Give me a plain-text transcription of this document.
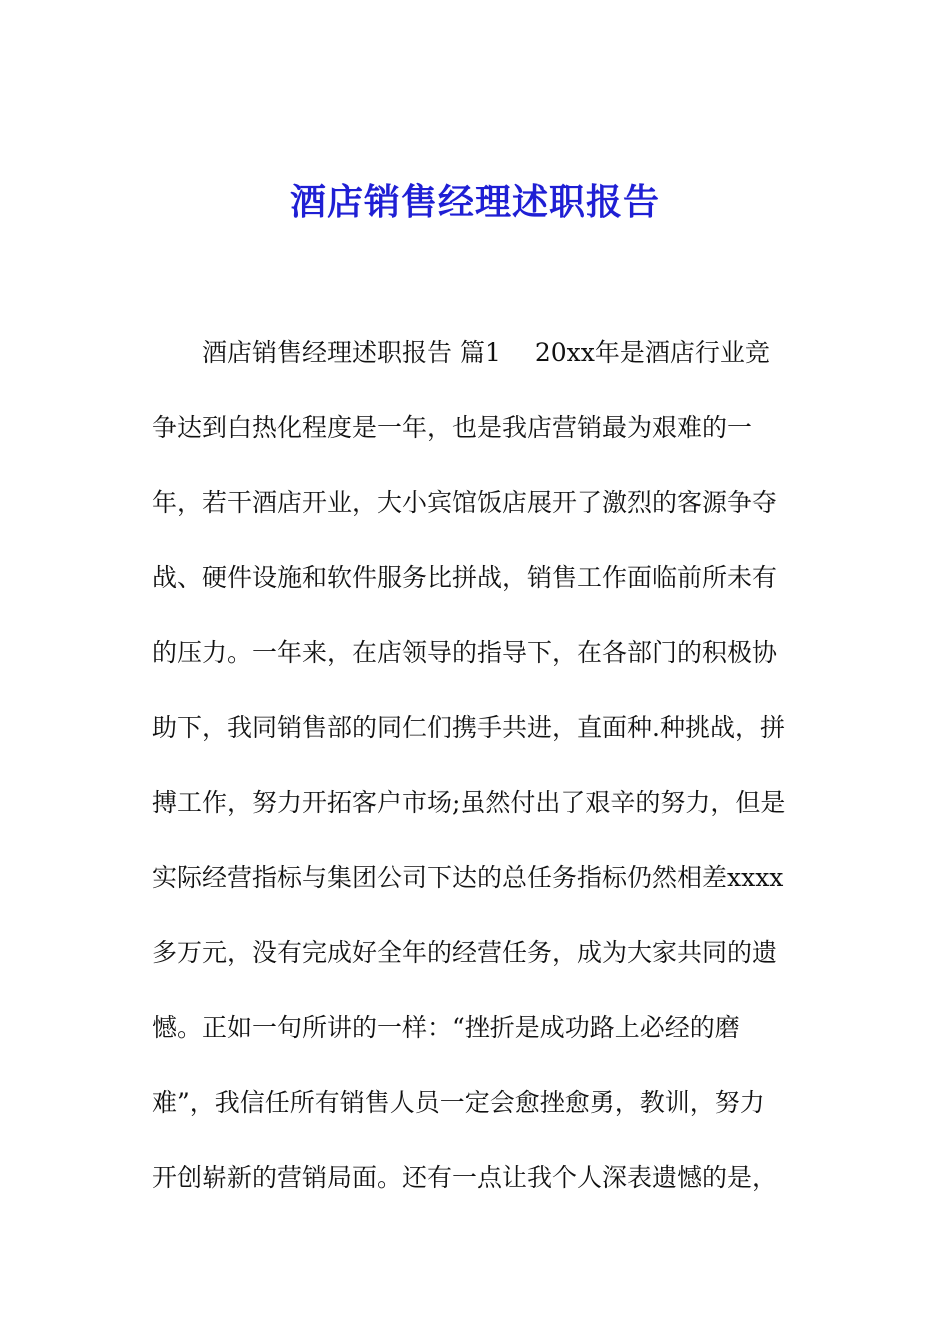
酒店销售经理述职报告
酒店销售经理述职报告 篇1 20xx年是酒店行业竞
争达到白热化程度是一年，也是我店营销最为艰难的一
年，若干酒店开业，大小宾馆饭店展开了激烈的客源争夺
战、硬件设施和软件服务比拼战，销售工作面临前所未有
的压力。一年来，在店领导的指导下，在各部门的积极协
助下，我同销售部的同仁们携手共进，直面种.种挑战，拼
搏工作，努力开拓客户市场;虽然付出了艰辛的努力，但是
实际经营指标与集团公司下达的总任务指标仍然相差xxxx
多万元，没有完成好全年的经营任务，成为大家共同的遗
憾。正如一句所讲的一样：“挫折是成功路上必经的磨
难”，我信任所有销售人员一定会愈挫愈勇，教训，努力
开创崭新的营销局面。还有一点让我个人深表遗憾的是，
